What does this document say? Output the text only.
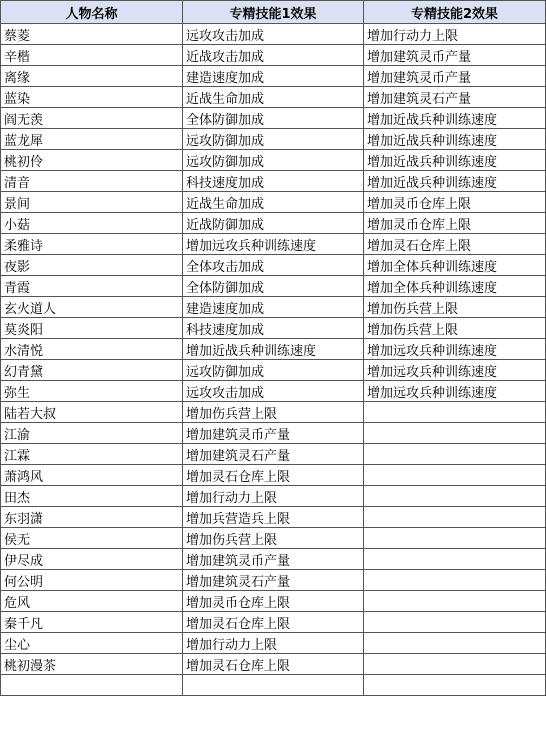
人物名称	专精技能1效果	专精技能2效果
蔡菱	远攻攻击加成	增加行动力上限
辛楷	近战攻击加成	增加建筑灵币产量
离缘	建造速度加成	增加建筑灵币产量
蓝染	近战生命加成	增加建筑灵石产量
阎无羡	全体防御加成	增加近战兵种训练速度
蓝龙犀	远攻防御加成	增加近战兵种训练速度
桃初伶	远攻防御加成	增加近战兵种训练速度
清音	科技速度加成	增加近战兵种训练速度
景间	近战生命加成	增加灵币仓库上限
小菇	近战防御加成	增加灵币仓库上限
柔雅诗	增加远攻兵种训练速度	增加灵石仓库上限
夜影	全体攻击加成	增加全体兵种训练速度
青霞	全体防御加成	增加全体兵种训练速度
玄火道人	建造速度加成	增加伤兵营上限
莫炎阳	科技速度加成	增加伤兵营上限
水清悦	增加近战兵种训练速度	增加远攻兵种训练速度
幻青黛	远攻防御加成	增加远攻兵种训练速度
弥生	远攻攻击加成	增加远攻兵种训练速度
陆若大叔	增加伤兵营上限	
江渝	增加建筑灵币产量	
江霖	增加建筑灵石产量	
萧鸿风	增加灵石仓库上限	
田杰	增加行动力上限	
东羽潇	增加兵营造兵上限	
侯无	增加伤兵营上限	
伊尽成	增加建筑灵币产量	
何公明	增加建筑灵石产量	
危风	增加灵币仓库上限	
秦千凡	增加灵石仓库上限	
尘心	增加行动力上限	
桃初漫茶	增加灵石仓库上限	
